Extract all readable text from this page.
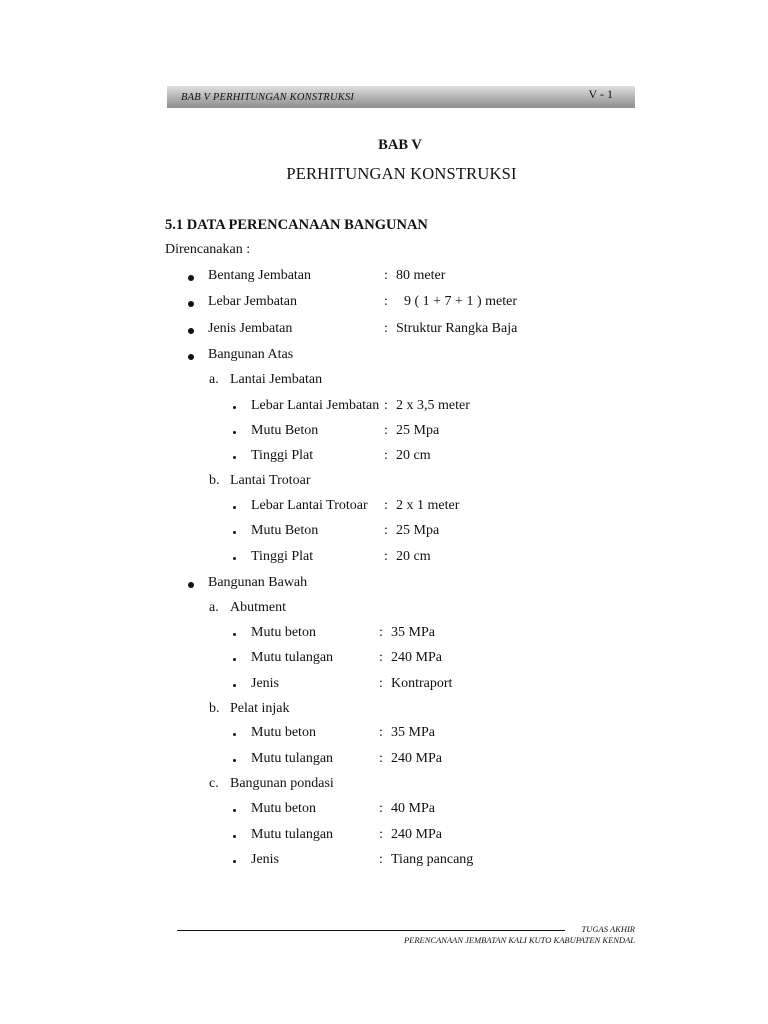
BAB V PERHITUNGAN KONSTRUKSI	V - 1
BAB V
PERHITUNGAN KONSTRUKSI
5.1 DATA PERENCANAAN BANGUNAN
Direncanakan :
Bentang Jembatan	: 80 meter
Lebar Jembatan	: 9 ( 1 + 7 + 1 ) meter
Jenis Jembatan	: Struktur Rangka Baja
Bangunan Atas
a. Lantai Jembatan
Lebar Lantai Jembatan : 2 x 3,5 meter
Mutu Beton	: 25 Mpa
Tinggi Plat	: 20 cm
b. Lantai Trotoar
Lebar Lantai Trotoar : 2 x 1 meter
Mutu Beton	: 25 Mpa
Tinggi Plat	: 20 cm
Bangunan Bawah
a. Abutment
Mutu beton	: 35 MPa
Mutu tulangan	: 240 MPa
Jenis	: Kontraport
b. Pelat injak
Mutu beton	: 35 MPa
Mutu tulangan	: 240 MPa
c. Bangunan pondasi
Mutu beton	: 40 MPa
Mutu tulangan	: 240 MPa
Jenis	: Tiang pancang
TUGAS AKHIR
PERENCANAAN JEMBATAN KALI KUTO KABUPATEN KENDAL
